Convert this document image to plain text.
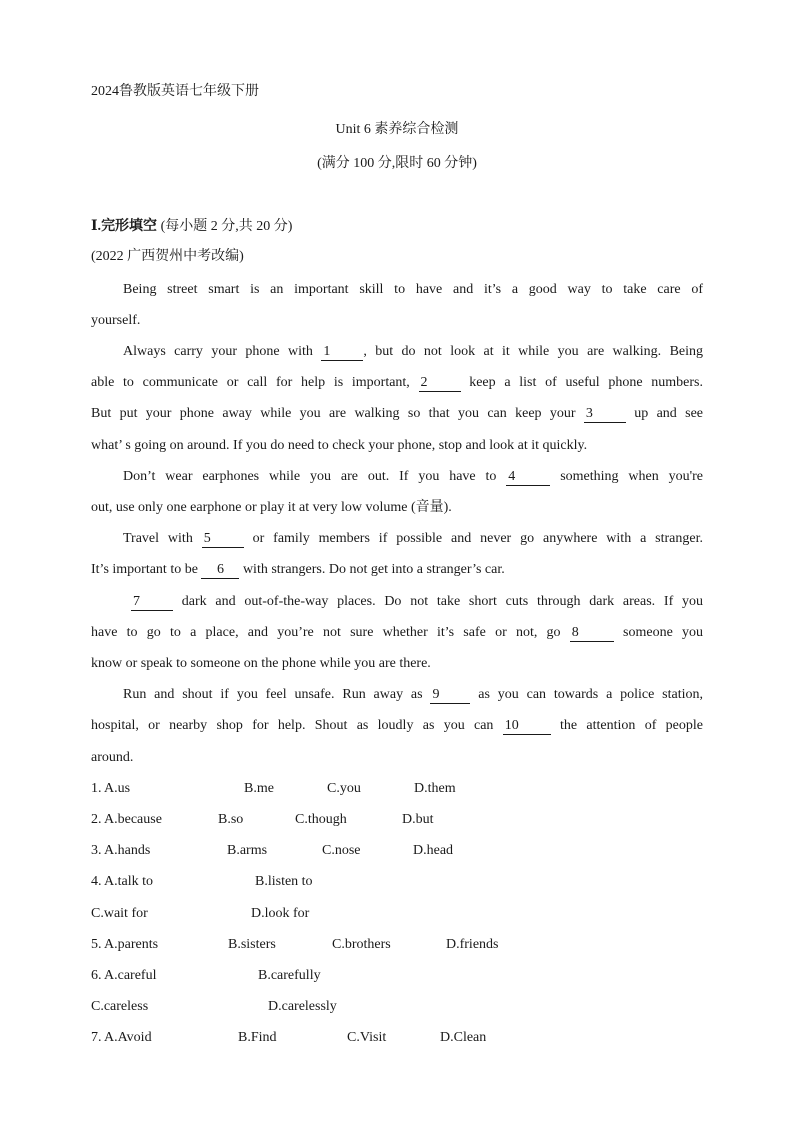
2024鲁教版英语七年级下册
Unit 6 素养综合检测
(满分 100 分,限时 60 分钟)
Ⅰ.完形填空 (每小题 2 分,共 20 分)
(2022 广西贺州中考改编)
Being street smart is an important skill to have and it’s a good way to take care of
yourself.
Always carry your phone with 1 , but do not look at it while you are walking. Being
able to communicate or call for help is important, 2	keep a list of useful phone numbers.
But put your phone away while you are walking so that you can keep your 3	up and see
what’ s going on around. If you do need to check your phone, stop and look at it quickly.
Don’t wear earphones while you are out. If you have to 4	something when you're
out, use only one earphone or play it at very low volume (音量).
Travel with 5	or family members if possible and never go anywhere with a stranger.
It’s important to be 6 with strangers. Do not get into a stranger’s car.
7	dark and out-of-the-way places. Do not take short cuts through dark areas. If you
have to go to a place, and you’re not sure whether it’s safe or not, go 8	someone you
know or speak to someone on the phone while you are there.
Run and shout if you feel unsafe. Run away as 9	as you can towards a police station,
hospital, or nearby shop for help. Shout as loudly as you can 10	the attention of people
around.
1. A.us	B.me	C.you	D.them
2. A.because	B.so	C.though	D.but
3. A.hands	B.arms	C.nose	D.head
4. A.talk to	B.listen to
C.wait for	D.look for
5. A.parents	B.sisters	C.brothers	D.friends
6. A.careful	B.carefully
C.careless	D.carelessly
7. A.Avoid	B.Find	C.Visit	D.Clean
